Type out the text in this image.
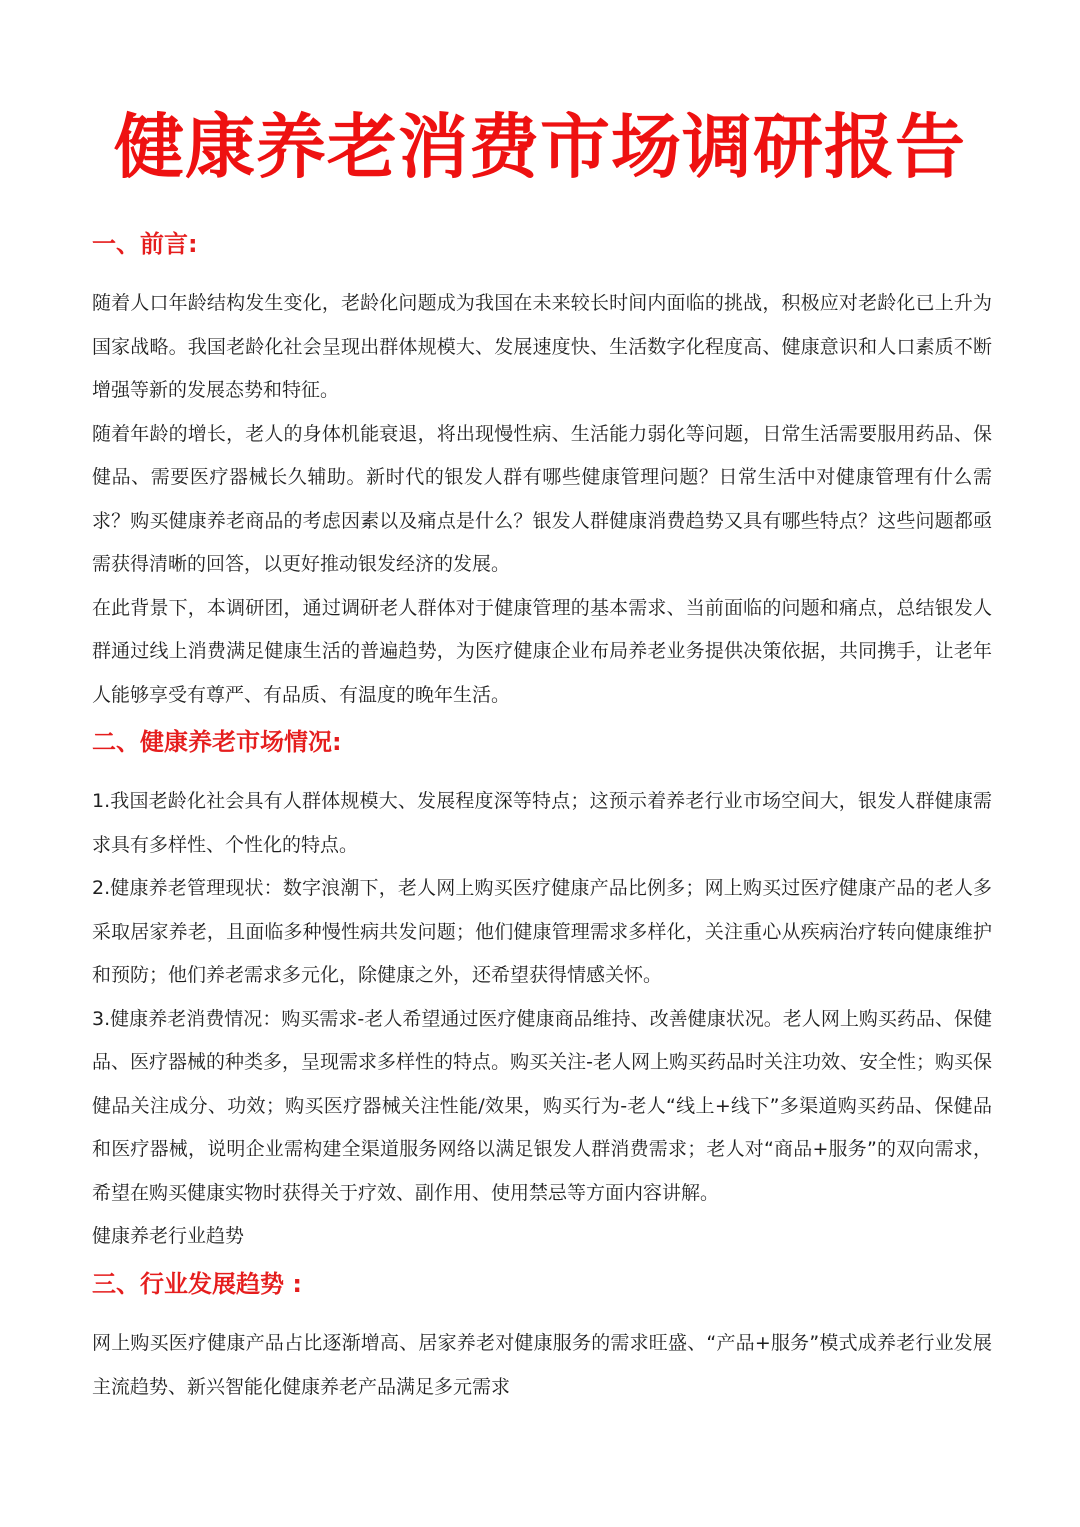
健康养老消费市场调研报告
一、前言:

随着人口年龄结构发生变化，老龄化问题成为我国在未来较长时间内面临的挑战，积极应对老龄化已上升为国家战略。我国老龄化社会呈现出群体规模大、发展速度快、生活数字化程度高、健康意识和人口素质不断增强等新的发展态势和特征。

随着年龄的增长，老人的身体机能衰退，将出现慢性病、生活能力弱化等问题，日常生活需要服用药品、保健品、需要医疗器械长久辅助。新时代的银发人群有哪些健康管理问题？日常生活中对健康管理有什么需求？购买健康养老商品的考虑因素以及痛点是什么？银发人群健康消费趋势又具有哪些特点？这些问题都亟需获得清晰的回答，以更好推动银发经济的发展。

在此背景下，本调研团，通过调研老人群体对于健康管理的基本需求、当前面临的问题和痛点，总结银发人群通过线上消费满足健康生活的普遍趋势，为医疗健康企业布局养老业务提供决策依据，共同携手，让老年人能够享受有尊严、有品质、有温度的晚年生活。

二、健康养老市场情况:

1.我国老龄化社会具有人群体规模大、发展程度深等特点；这预示着养老行业市场空间大，银发人群健康需求具有多样性、个性化的特点。

2.健康养老管理现状：数字浪潮下，老人网上购买医疗健康产品比例多；网上购买过医疗健康产品的老人多采取居家养老，且面临多种慢性病共发问题；他们健康管理需求多样化，关注重心从疾病治疗转向健康维护和预防；他们养老需求多元化，除健康之外，还希望获得情感关怀。

3.健康养老消费情况：购买需求-老人希望通过医疗健康商品维持、改善健康状况。老人网上购买药品、保健品、医疗器械的种类多，呈现需求多样性的特点。购买关注-老人网上购买药品时关注功效、安全性；购买保健品关注成分、功效；购买医疗器械关注性能/效果，购买行为-老人“线上+线下”多渠道购买药品、保健品和医疗器械，说明企业需构建全渠道服务网络以满足银发人群消费需求；老人对“商品+服务”的双向需求，希望在购买健康实物时获得关于疗效、副作用、使用禁忌等方面内容讲解。

健康养老行业趋势

三、行业发展趋势 :

网上购买医疗健康产品占比逐渐增高、居家养老对健康服务的需求旺盛、“产品+服务”模式成养老行业发展主流趋势、新兴智能化健康养老产品满足多元需求
